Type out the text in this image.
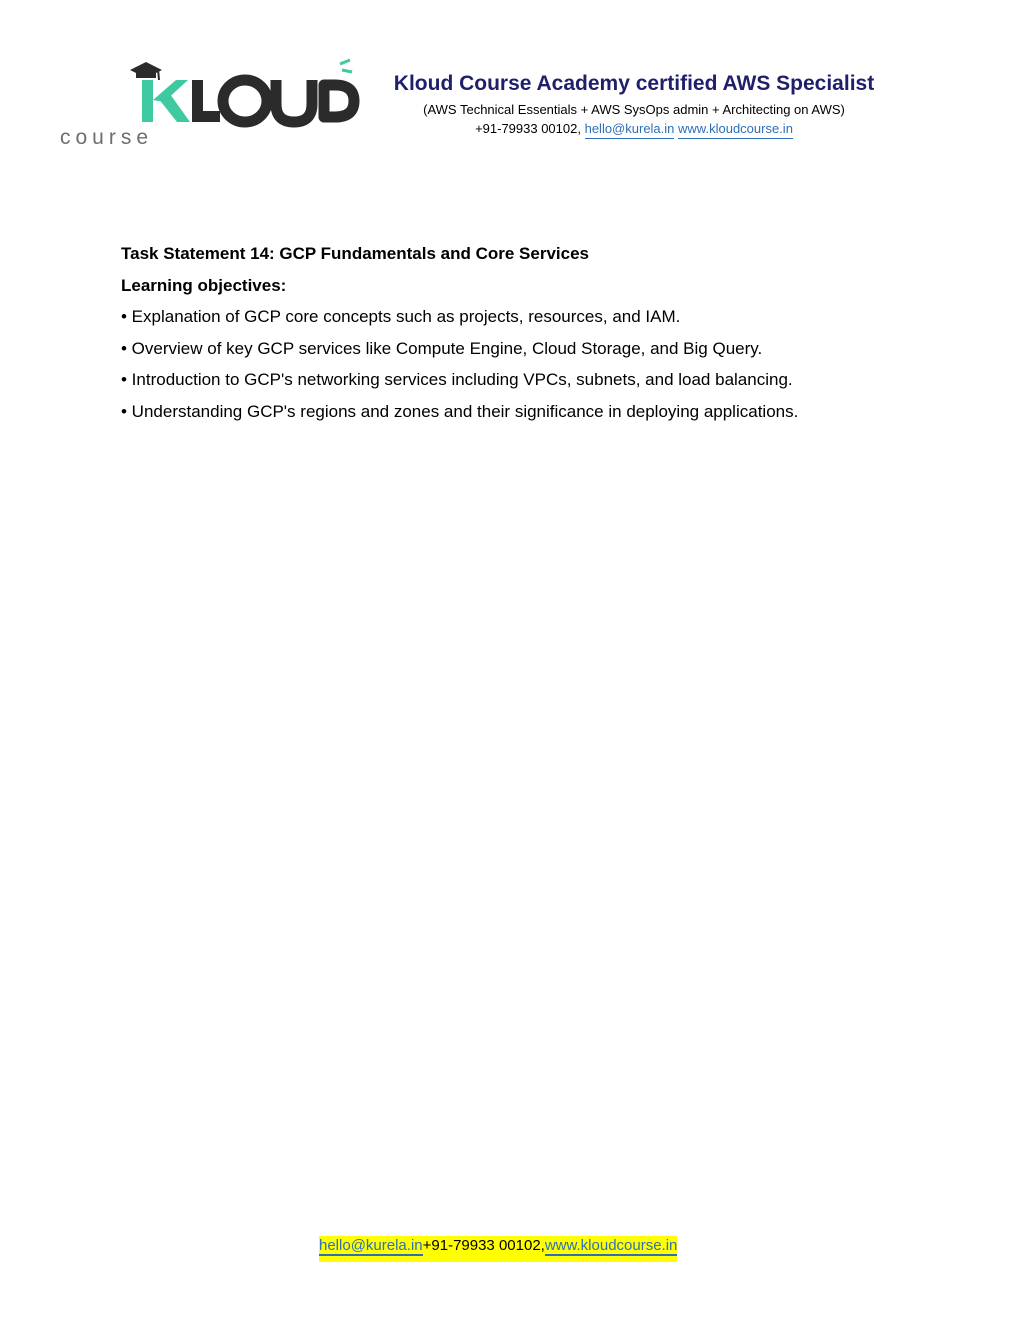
course
Kloud Course Academy certified AWS Specialist
(AWS Technical Essentials + AWS SysOps admin + Architecting on AWS)
+91-79933 00102, hello@kurela.in www.kloudcourse.in
Task Statement 14: GCP Fundamentals and Core Services
Learning objectives:
• Explanation of GCP core concepts such as projects, resources, and IAM.
• Overview of key GCP services like Compute Engine, Cloud Storage, and Big Query.
• Introduction to GCP's networking services including VPCs, subnets, and load balancing.
• Understanding GCP's regions and zones and their significance in deploying applications.
hello@kurela.in+91-79933 00102,www.kloudcourse.in
